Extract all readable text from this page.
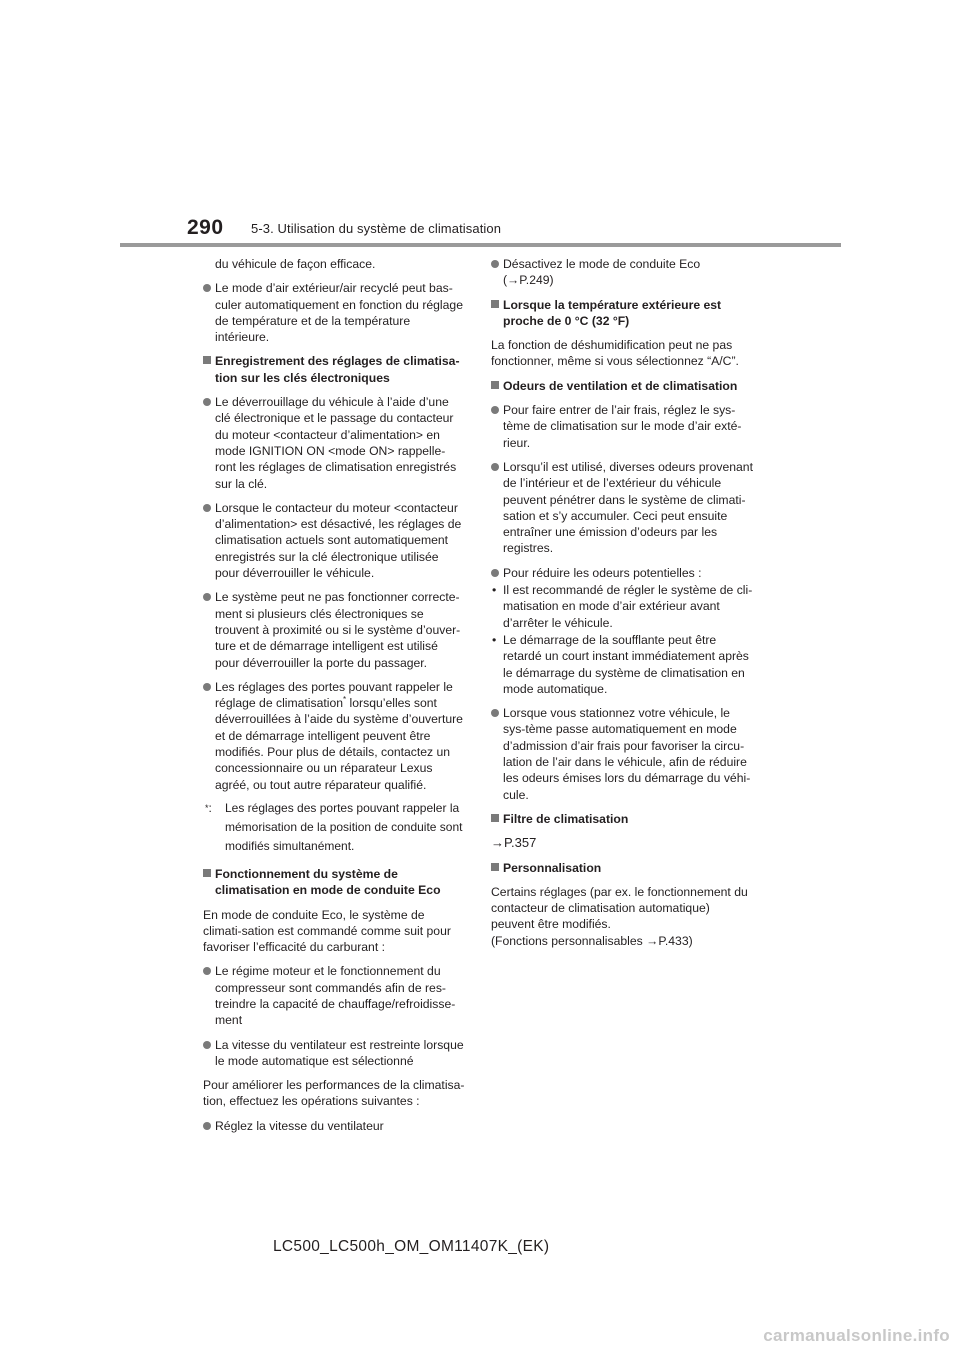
290 5-3. Utilisation du système de climatisation
du véhicule de façon efficace.
Le mode d’air extérieur/air recyclé peut bas-culer automatiquement en fonction du réglage de température et de la température intérieure.
Enregistrement des réglages de climatisa-tion sur les clés électroniques
Le déverrouillage du véhicule à l’aide d’une clé électronique et le passage du contacteur du moteur <contacteur d’alimentation> en mode IGNITION ON <mode ON> rappelle-ront les réglages de climatisation enregistrés sur la clé.
Lorsque le contacteur du moteur <contacteur d’alimentation> est désactivé, les réglages de climatisation actuels sont automatiquement enregistrés sur la clé électronique utilisée pour déverrouiller le véhicule.
Le système peut ne pas fonctionner correcte-ment si plusieurs clés électroniques se trouvent à proximité ou si le système d’ouver-ture et de démarrage intelligent est utilisé pour déverrouiller la porte du passager.
Les réglages des portes pouvant rappeler le réglage de climatisation* lorsqu’elles sont déverrouillées à l’aide du système d’ouverture et de démarrage intelligent peuvent être modifiés. Pour plus de détails, contactez un concessionnaire ou un réparateur Lexus agréé, ou tout autre réparateur qualifié.
*: Les réglages des portes pouvant rappeler la mémorisation de la position de conduite sont modifiés simultanément.
Fonctionnement du système de climatisation en mode de conduite Eco
En mode de conduite Eco, le système de climati-sation est commandé comme suit pour favoriser l’efficacité du carburant :
Le régime moteur et le fonctionnement du compresseur sont commandés afin de res-treindre la capacité de chauffage/refroidisse-ment
La vitesse du ventilateur est restreinte lorsque le mode automatique est sélectionné
Pour améliorer les performances de la climatisa-tion, effectuez les opérations suivantes :
Réglez la vitesse du ventilateur
Désactivez le mode de conduite Eco
(→P.249)
Lorsque la température extérieure est proche de 0 °C (32 °F)
La fonction de déshumidification peut ne pas fonctionner, même si vous sélectionnez “A/C”.
Odeurs de ventilation et de climatisation
Pour faire entrer de l’air frais, réglez le sys-tème de climatisation sur le mode d’air exté-rieur.
Lorsqu’il est utilisé, diverses odeurs provenant de l’intérieur et de l’extérieur du véhicule peuvent pénétrer dans le système de climati-sation et s’y accumuler. Ceci peut ensuite entraîner une émission d’odeurs par les registres.
Pour réduire les odeurs potentielles :
• Il est recommandé de régler le système de cli-matisation en mode d’air extérieur avant d’arrêter le véhicule.
• Le démarrage de la soufflante peut être retardé un court instant immédiatement après le démarrage du système de climatisation en mode automatique.
Lorsque vous stationnez votre véhicule, le sys-tème passe automatiquement en mode d’admission d’air frais pour favoriser la circu-lation de l’air dans le véhicule, afin de réduire les odeurs émises lors du démarrage du véhi-cule.
Filtre de climatisation
→P.357
Personnalisation
Certains réglages (par ex. le fonctionnement du contacteur de climatisation automatique) peuvent être modifiés.
(Fonctions personnalisables →P.433)
LC500_LC500h_OM_OM11407K_(EK)
carmanualsonline.info
